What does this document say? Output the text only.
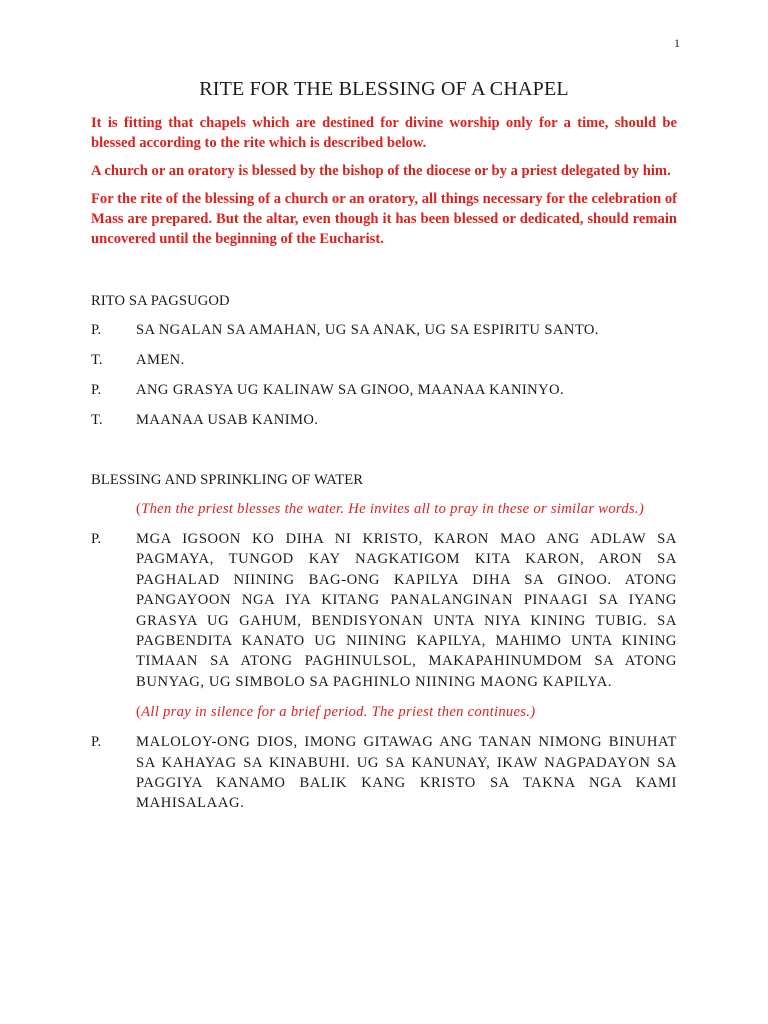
1
RITE FOR THE BLESSING OF A CHAPEL

It is fitting that chapels which are destined for divine worship only for a time, should be blessed according to the rite which is described below.

A church or an oratory is blessed by the bishop of the diocese or by a priest delegated by him.

For the rite of the blessing of a church or an oratory, all things necessary for the celebration of Mass are prepared. But the altar, even though it has been blessed or dedicated, should remain uncovered until the beginning of the Eucharist.

RITO SA PAGSUGOD
P.	SA NGALAN SA AMAHAN, UG SA ANAK, UG SA ESPIRITU SANTO.
T.	AMEN.
P.	ANG GRASYA UG KALINAW SA GINOO, MAANAA KANINYO.
T.	MAANAA USAB KANIMO.
BLESSING AND SPRINKLING OF WATER
(Then the priest blesses the water. He invites all to pray in these or similar words.)
P.	MGA IGSOON KO DIHA NI KRISTO, KARON MAO ANG ADLAW SA PAGMAYA, TUNGOD KAY NAGKATIGOM KITA KARON, ARON SA PAGHALAD NIINING BAG-ONG KAPILYA DIHA SA GINOO. ATONG PANGAYOON NGA IYA KITANG PANALANGINAN PINAAGI SA IYANG GRASYA UG GAHUM, BENDISYONAN UNTA NIYA KINING TUBIG. SA PAGBENDITA KANATO UG NIINING KAPILYA, MAHIMO UNTA KINING TIMAAN SA ATONG PAGHINULSOL, MAKAPAHINUMDOM SA ATONG BUNYAG, UG SIMBOLO SA PAGHINLO NIINING MAONG KAPILYA.
(All pray in silence for a brief period. The priest then continues.)
P.	MALOLOY-ONG DIOS, IMONG GITAWAG ANG TANAN NIMONG BINUHAT SA KAHAYAG SA KINABUHI. UG SA KANUNAY, IKAW NAGPADAYON SA PAGGIYA KANAMO BALIK KANG KRISTO SA TAKNA NGA KAMI MAHISALAAG.
